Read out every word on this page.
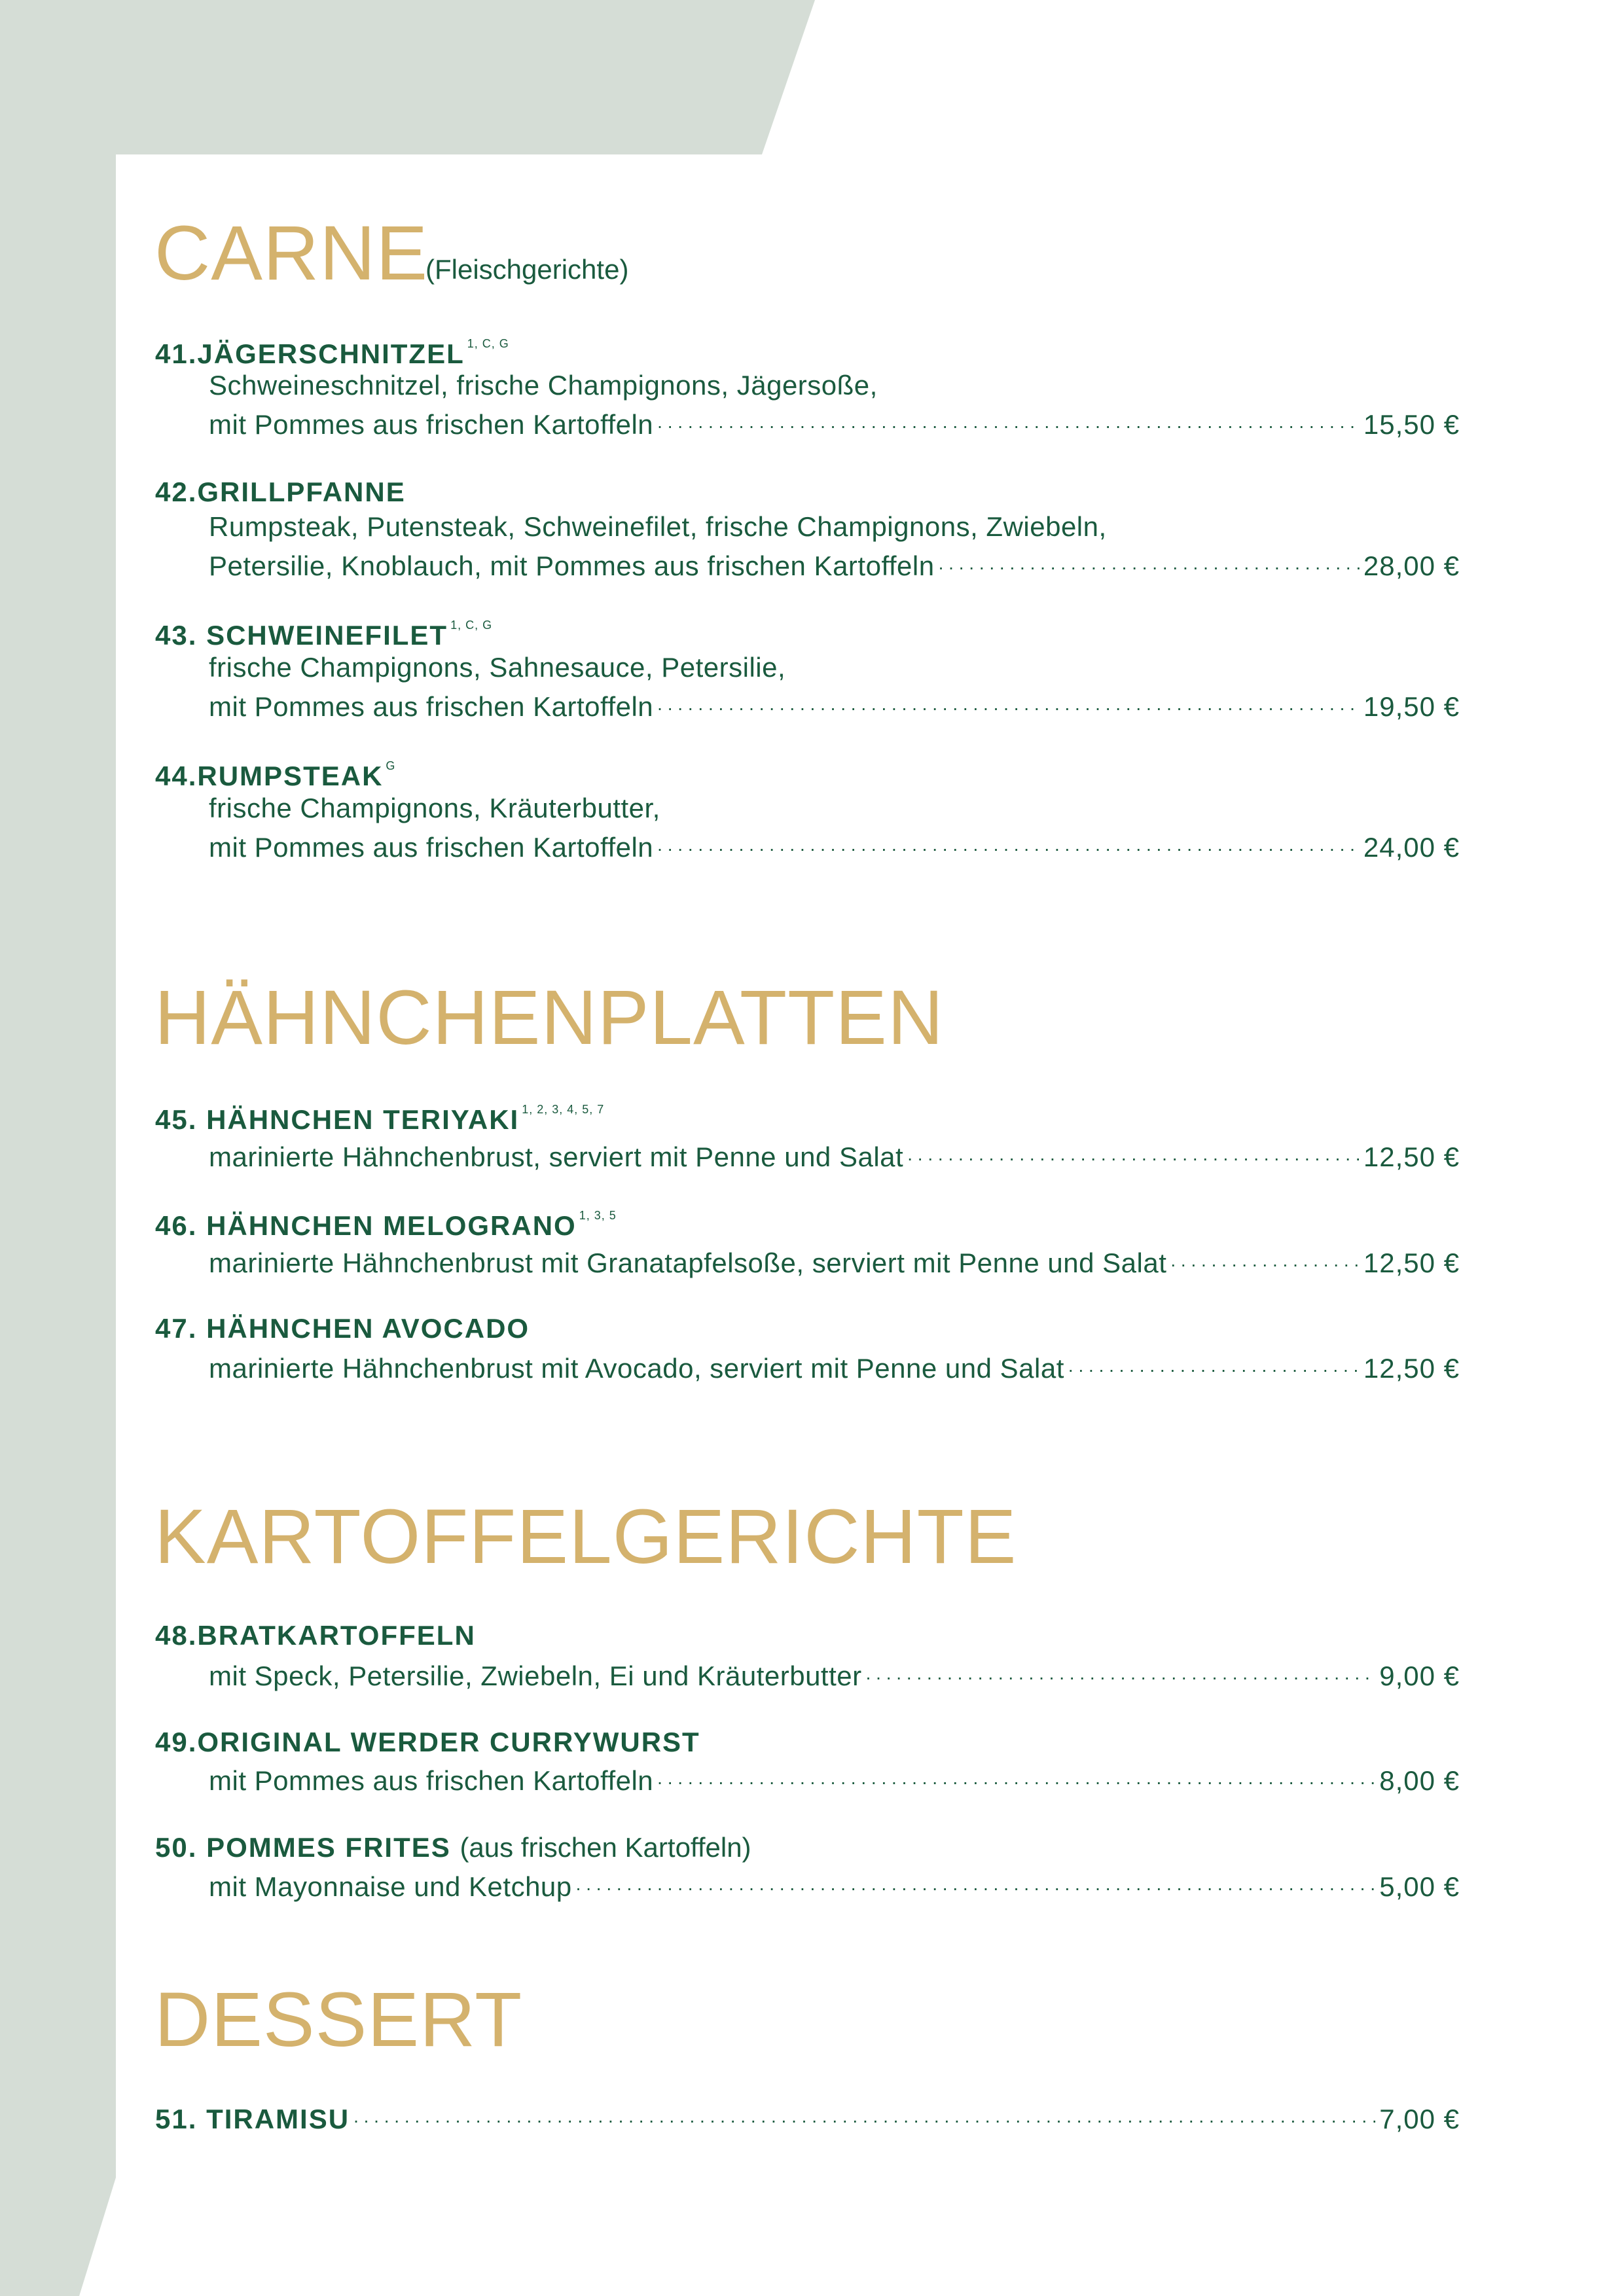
CARNE
(Fleischgerichte)
41.JÄGERSCHNITZEL $^{1, C, G}$
Schweineschnitzel, frische Champignons, Jägersoße,
mit Pommes aus frischen Kartoffeln . . .	15,50 €
42.GRILLPFANNE
Rumpsteak, Putensteak, Schweinefilet, frische Champignons, Zwiebeln,
Petersilie, Knoblauch, mit Pommes aus frischen Kartoffeln . . .	28,00 €
43. SCHWEINEFILET $^{1, C, G}$
frische Champignons, Sahnesauce, Petersilie,
mit Pommes aus frischen Kartoffeln . . .	19,50 €
44.RUMPSTEAK $^G$
frische Champignons, Kräuterbutter,
mit Pommes aus frischen Kartoffeln . . .	24,00 €
HÄHNCHENPLATTEN
45. HÄHNCHEN TERIYAKI $^{1, 2, 3, 4, 5, 7}$
marinierte Hähnchenbrust, serviert mit Penne und Salat . . .	12,50 €
46. HÄHNCHEN MELOGRANO $^{1, 3, 5}$
marinierte Hähnchenbrust mit Granatapfelsoße, serviert mit Penne und Salat . . .	12,50 €
47. HÄHNCHEN AVOCADO
marinierte Hähnchenbrust mit Avocado, serviert mit Penne und Salat . . .	12,50 €
KARTOFFELGERICHTE
48.BRATKARTOFFELN
mit Speck, Petersilie, Zwiebeln, Ei und Kräuterbutter . . .	9,00 €
49.ORIGINAL WERDER CURRYWURST
mit Pommes aus frischen Kartoffeln . . .	8,00 €
50. POMMES FRITES (aus frischen Kartoffeln)
mit Mayonnaise und Ketchup . . .	5,00 €
DESSERT
51. TIRAMISU . . .	7,00 €
